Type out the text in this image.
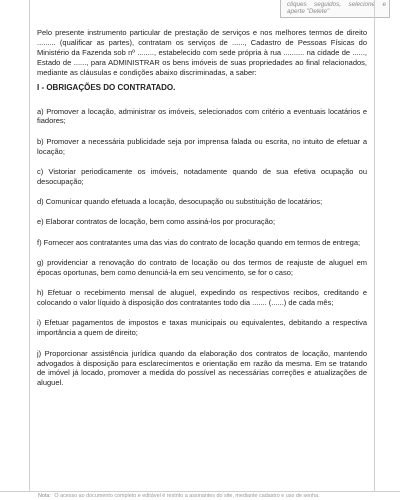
cliques seguidos, selecione e aperte "Delete"

Pelo presente instrumento particular de prestação de serviços e nos melhores termos de direito ......... (qualificar as partes), contratam os serviços de ......, Cadastro de Pessoas Físicas do Ministério da Fazenda sob nº ........, estabelecido com sede própria à rua .......... na cidade de ......, Estado de ......, para ADMINISTRAR os bens imóveis de suas propriedades ao final relacionados, mediante as cláusulas e condições abaixo discriminadas, a saber:

I - OBRIGAÇÕES DO CONTRATADO.

a) Promover a locação, administrar os imóveis, selecionados com critério a eventuais locatários e fiadores;

b) Promover a necessária publicidade seja por imprensa falada ou escrita, no intuito de efetuar a locação;

c) Vistoriar periodicamente os imóveis, notadamente quando de sua efetiva ocupação ou desocupação;

d) Comunicar quando efetuada a locação, desocupação ou substituição de locatários;

e) Elaborar contratos de locação, bem como assiná-los por procuração;

f) Fornecer aos contratantes uma das vias do contrato de locação quando em termos de entrega;

g) providenciar a renovação do contrato de locação ou dos termos de reajuste de aluguel em épocas oportunas, bem como denunciá-la em seu vencimento, se for o caso;

h) Efetuar o recebimento mensal de aluguel, expedindo os respectivos recibos, creditando e colocando o valor líquido à disposição dos contratantes todo dia ....... (......) de cada mês;

i) Efetuar pagamentos de impostos e taxas municipais ou equivalentes, debitando a respectiva importância a quem de direito;

j) Proporcionar assistência jurídica quando da elaboração dos contratos de locação, mantendo advogados à disposição para esclarecimentos e orientação em razão da mesma. Em se tratando de imóvel já locado, promover a medida do possível as necessárias correções e atualizações de aluguel.

Nota: O acesso ao documento completo e editável é restrito a assinantes do site, mediante cadastro e uso de senha.
